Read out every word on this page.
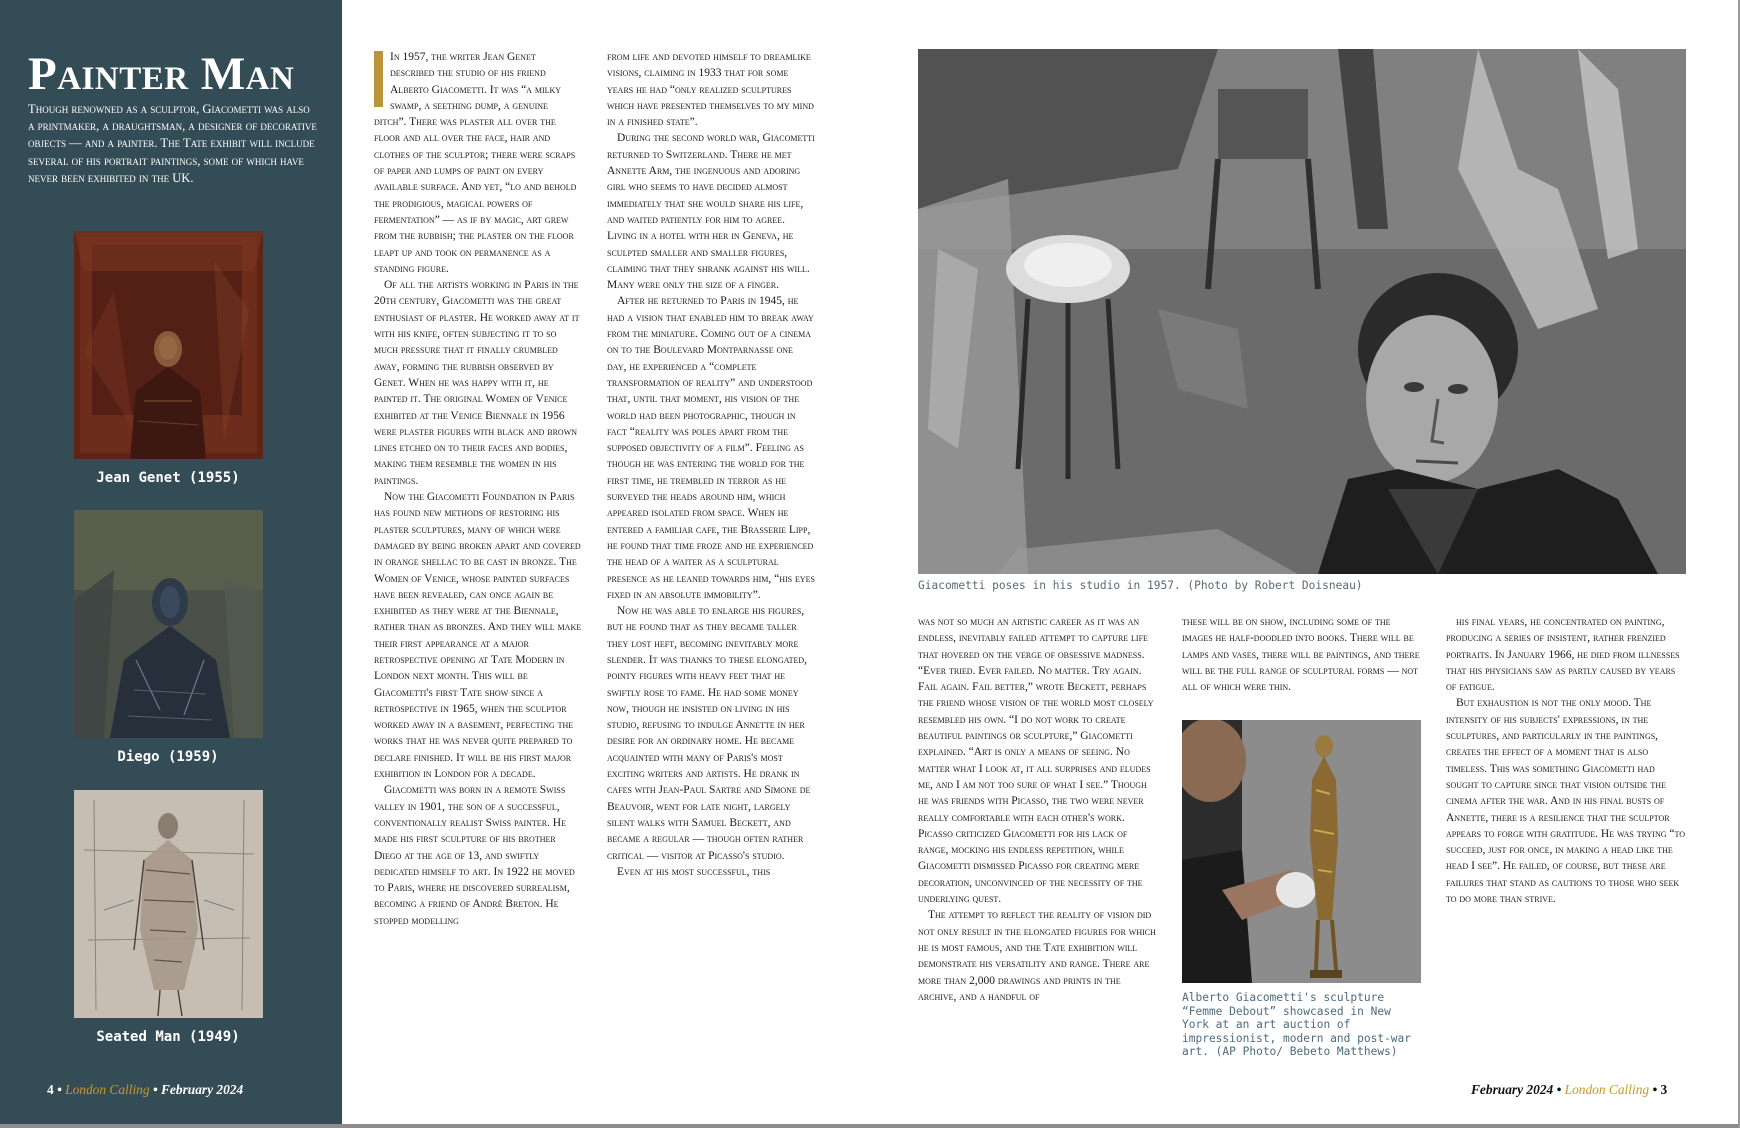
Painter Man

Though renowned as a sculptor, Giacometti was also a printmaker, a draughtsman, a designer of decorative objects — and a painter. The Tate exhibit will include several of his portrait paintings, some of which have never been exhibited in the UK.

Jean Genet (1955)

Diego (1959)

Seated Man (1949)

4 • London Calling • February 2024

In 1957, the writer Jean Genet described the studio of his friend Alberto Giacometti. It was “a milky swamp, a seething dump, a genuine ditch”. There was plaster all over the floor and all over the face, hair and clothes of the sculptor; there were scraps of paper and lumps of paint on every available surface. And yet, “lo and behold the prodigious, magical powers of fermentation” — as if by magic, art grew from the rubbish; the plaster on the floor leapt up and took on permanence as a standing figure.

Of all the artists working in Paris in the 20th century, Giacometti was the great enthusiast of plaster. He worked away at it with his knife, often subjecting it to so much pressure that it finally crumbled away, forming the rubbish observed by Genet. When he was happy with it, he painted it. The original Women of Venice exhibited at the Venice Biennale in 1956 were plaster figures with black and brown lines etched on to their faces and bodies, making them resemble the women in his paintings.

Now the Giacometti Foundation in Paris has found new methods of restoring his plaster sculptures, many of which were damaged by being broken apart and covered in orange shellac to be cast in bronze. The Women of Venice, whose painted surfaces have been revealed, can once again be exhibited as they were at the Biennale, rather than as bronzes. And they will make their first appearance at a major retrospective opening at Tate Modern in London next month. This will be Giacometti's first Tate show since a retrospective in 1965, when the sculptor worked away in a basement, perfecting the works that he was never quite prepared to declare finished. It will be his first major exhibition in London for a decade.

Giacometti was born in a remote Swiss valley in 1901, the son of a successful, conventionally realist Swiss painter. He made his first sculpture of his brother Diego at the age of 13, and swiftly dedicated himself to art. In 1922 he moved to Paris, where he discovered surrealism, becoming a friend of André Breton. He stopped modelling

from life and devoted himself to dreamlike visions, claiming in 1933 that for some years he had “only realized sculptures which have presented themselves to my mind in a finished state”.

During the second world war, Giacometti returned to Switzerland. There he met Annette Arm, the ingenuous and adoring girl who seems to have decided almost immediately that she would share his life, and waited patiently for him to agree. Living in a hotel with her in Geneva, he sculpted smaller and smaller figures, claiming that they shrank against his will. Many were only the size of a finger.

After he returned to Paris in 1945, he had a vision that enabled him to break away from the miniature. Coming out of a cinema on to the Boulevard Montparnasse one day, he experienced a “complete transformation of reality” and understood that, until that moment, his vision of the world had been photographic, though in fact “reality was poles apart from the supposed objectivity of a film”. Feeling as though he was entering the world for the first time, he trembled in terror as he surveyed the heads around him, which appeared isolated from space. When he entered a familiar cafe, the Brasserie Lipp, he found that time froze and he experienced the head of a waiter as a sculptural presence as he leaned towards him, “his eyes fixed in an absolute immobility”.

Now he was able to enlarge his figures, but he found that as they became taller they lost heft, becoming inevitably more slender. It was thanks to these elongated, pointy figures with heavy feet that he swiftly rose to fame. He had some money now, though he insisted on living in his studio, refusing to indulge Annette in her desire for an ordinary home. He became acquainted with many of Paris's most exciting writers and artists. He drank in cafes with Jean-Paul Sartre and Simone de Beauvoir, went for late night, largely silent walks with Samuel Beckett, and became a regular — though often rather critical — visitor at Picasso's studio.

Even at his most successful, this

Giacometti poses in his studio in 1957. (Photo by Robert Doisneau)

was not so much an artistic career as it was an endless, inevitably failed attempt to capture life that hovered on the verge of obsessive madness. “Ever tried. Ever failed. No matter. Try again. Fail again. Fail better,” wrote Beckett, perhaps the friend whose vision of the world most closely resembled his own. “I do not work to create beautiful paintings or sculpture,” Giacometti explained. “Art is only a means of seeing. No matter what I look at, it all surprises and eludes me, and I am not too sure of what I see.” Though he was friends with Picasso, the two were never really comfortable with each other's work. Picasso criticized Giacometti for his lack of range, mocking his endless repetition, while Giacometti dismissed Picasso for creating mere decoration, unconvinced of the necessity of the underlying quest.

The attempt to reflect the reality of vision did not only result in the elongated figures for which he is most famous, and the Tate exhibition will demonstrate his versatility and range. There are more than 2,000 drawings and prints in the archive, and a handful of

these will be on show, including some of the images he half-doodled into books. There will be lamps and vases, there will be paintings, and there will be the full range of sculptural forms — not all of which were thin.

Alberto Giacometti's sculpture “Femme Debout” showcased in New York at an art auction of impressionist, modern and post-war art. (AP Photo/ Bebeto Matthews)

his final years, he concentrated on painting, producing a series of insistent, rather frenzied portraits. In January 1966, he died from illnesses that his physicians saw as partly caused by years of fatigue.

But exhaustion is not the only mood. The intensity of his subjects' expressions, in the sculptures, and particularly in the paintings, creates the effect of a moment that is also timeless. This was something Giacometti had sought to capture since that vision outside the cinema after the war. And in his final busts of Annette, there is a resilience that the sculptor appears to forge with gratitude. He was trying “to succeed, just for once, in making a head like the head I see”. He failed, of course, but these are failures that stand as cautions to those who seek to do more than strive.

February 2024 • London Calling • 3
